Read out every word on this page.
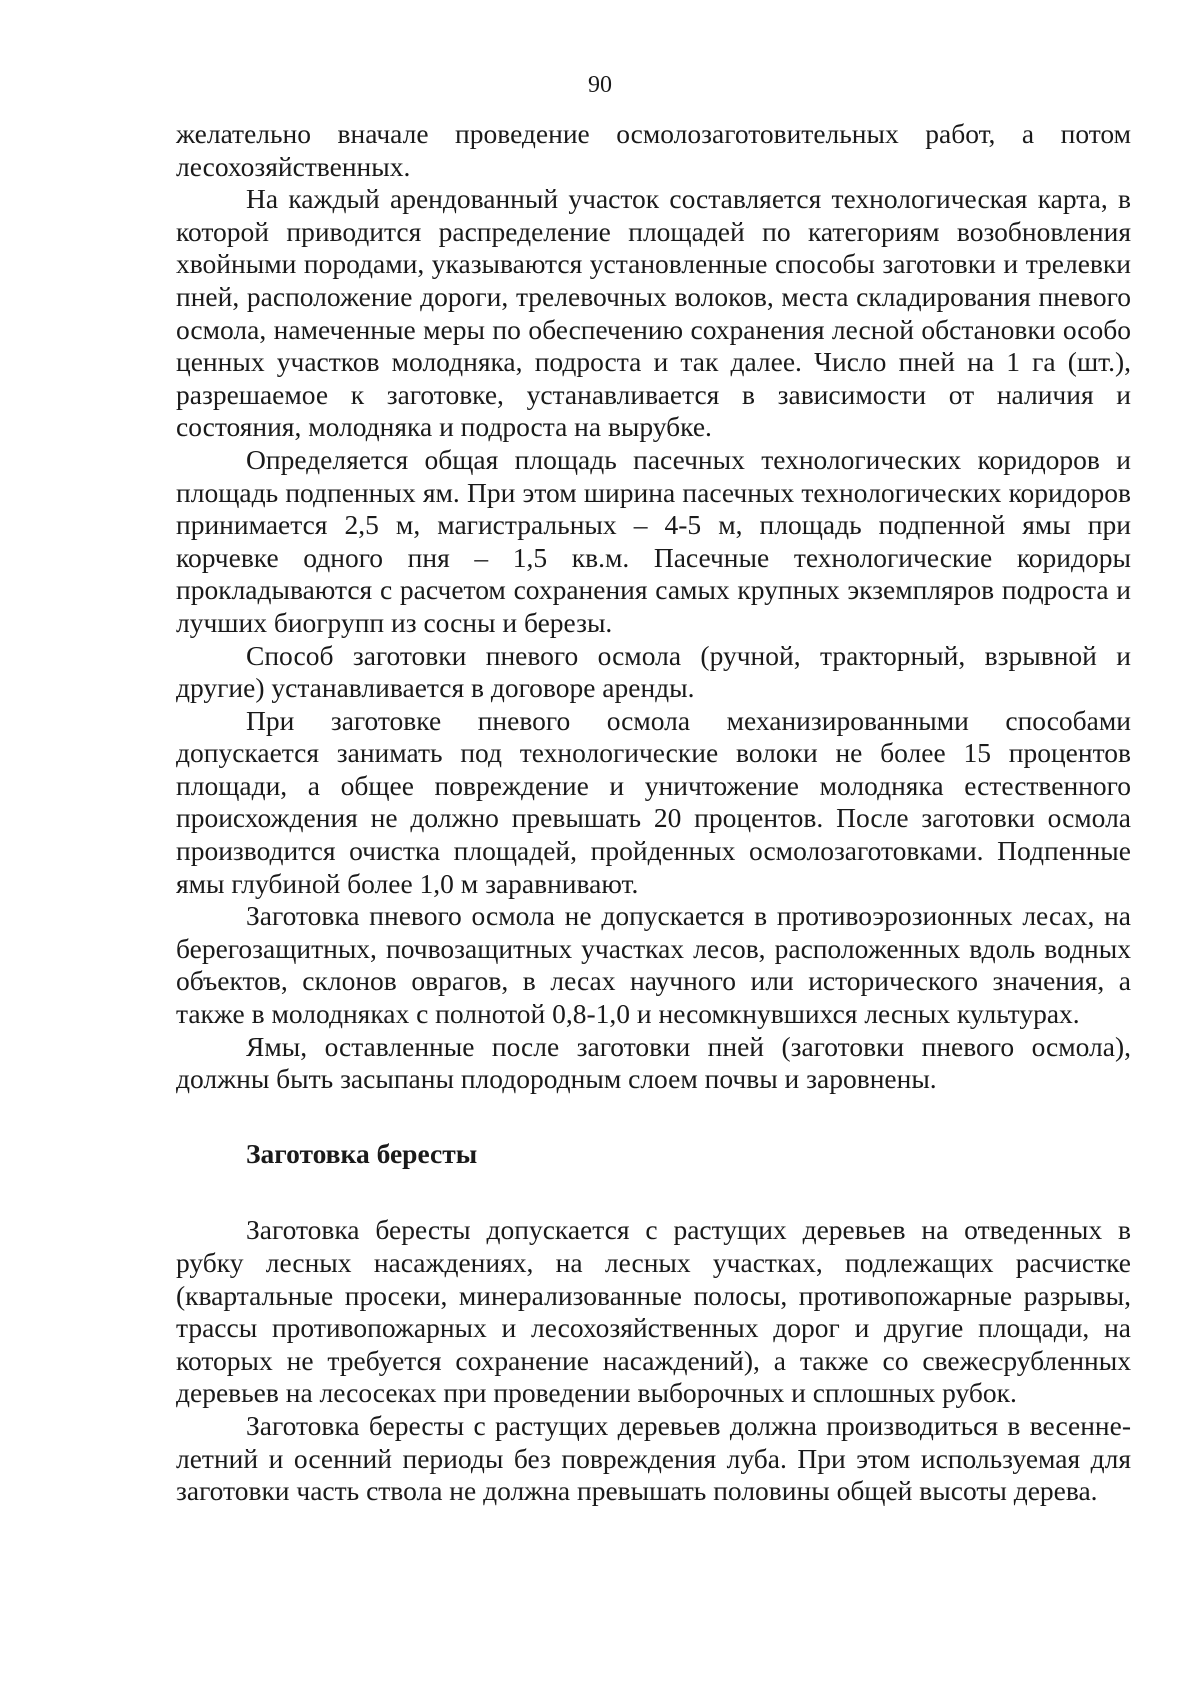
90

желательно вначале проведение осмолозаготовительных работ, а потом лесохозяйственных.

На каждый арендованный участок составляется технологическая карта, в которой приводится распределение площадей по категориям возобновления хвойными породами, указываются установленные способы заготовки и трелевки пней, расположение дороги, трелевочных волоков, места складирования пневого осмола, намеченные меры по обеспечению сохранения лесной обстановки особо ценных участков молодняка, подроста и так далее. Число пней на 1 га (шт.), разрешаемое к заготовке, устанавливается в зависимости от наличия и состояния, молодняка и подроста на вырубке.

Определяется общая площадь пасечных технологических коридоров и площадь подпенных ям. При этом ширина пасечных технологических коридоров принимается 2,5 м, магистральных – 4-5 м, площадь подпенной ямы при корчевке одного пня – 1,5 кв.м. Пасечные технологические коридоры прокладываются с расчетом сохранения самых крупных экземпляров подроста и лучших биогрупп из сосны и березы.

Способ заготовки пневого осмола (ручной, тракторный, взрывной и другие) устанавливается в договоре аренды.

При заготовке пневого осмола механизированными способами допускается занимать под технологические волоки не более 15 процентов площади, а общее повреждение и уничтожение молодняка естественного происхождения не должно превышать 20 процентов. После заготовки осмола производится очистка площадей, пройденных осмолозаготовками. Подпенные ямы глубиной более 1,0 м заравнивают.

Заготовка пневого осмола не допускается в противоэрозионных лесах, на берегозащитных, почвозащитных участках лесов, расположенных вдоль водных объектов, склонов оврагов, в лесах научного или исторического значения, а также в молодняках с полнотой 0,8-1,0 и несомкнувшихся лесных культурах.

Ямы, оставленные после заготовки пней (заготовки пневого осмола), должны быть засыпаны плодородным слоем почвы и заровнены.

Заготовка бересты

Заготовка бересты допускается с растущих деревьев на отведенных в рубку лесных насаждениях, на лесных участках, подлежащих расчистке (квартальные просеки, минерализованные полосы, противопожарные разрывы, трассы противопожарных и лесохозяйственных дорог и другие площади, на которых не требуется сохранение насаждений), а также со свежесрубленных деревьев на лесосеках при проведении выборочных и сплошных рубок.

Заготовка бересты с растущих деревьев должна производиться в весенне-летний и осенний периоды без повреждения луба. При этом используемая для заготовки часть ствола не должна превышать половины общей высоты дерева.
